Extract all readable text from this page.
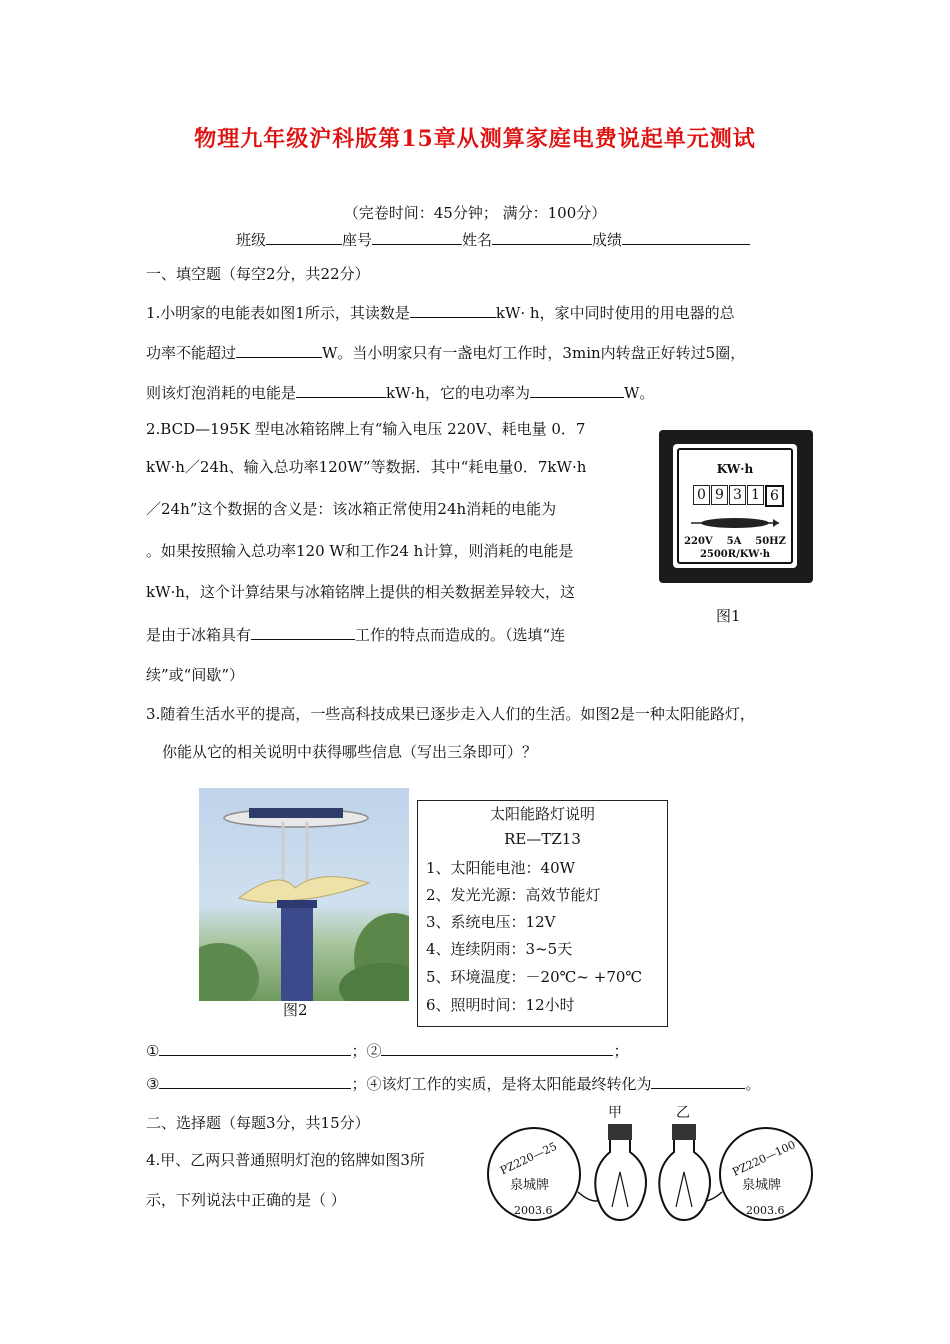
物理九年级沪科版第15章从测算家庭电费说起单元测试
（完卷时间：45分钟； 满分：100分）
班级	座号	姓名	成绩
一、填空题（每空2分，共22分）
1.小明家的电能表如图1所示，其读数是	kW· h，家中同时使用的用电器的总
功率不能超过	W。当小明家只有一盏电灯工作时，3min内转盘正好转过5圈，
则该灯泡消耗的电能是	kW·h，它的电功率为	W。
2.BCD—195K 型电冰箱铭牌上有“输入电压 220V、耗电量 0．7
kW·h／24h、输入总功率120W”等数据．其中“耗电量0．7kW·h
／24h”这个数据的含义是：该冰箱正常使用24h消耗的电能为
。如果按照输入总功率120 W和工作24 h计算，则消耗的电能是
kW·h，这个计算结果与冰箱铭牌上提供的相关数据差异较大，这
是由于冰箱具有	工作的特点而造成的。（选填“连
续”或“间歇”）
KW·h
0 9 3 1 6
220V    5A    50HZ
2500R/KW·h
图1
3.随着生活水平的提高，一些高科技成果已逐步走入人们的生活。如图2是一种太阳能路灯，
你能从它的相关说明中获得哪些信息（写出三条即可）？
图2
太阳能路灯说明
RE—TZ13
1、太阳能电池：40W
2、发光光源：高效节能灯
3、系统电压：12V
4、连续阴雨：3~5天
5、环境温度：－20℃~ +70℃
6、照明时间：12小时
①	；②	；
③	；④该灯工作的实质，是将太阳能最终转化为	。
二、选择题（每题3分，共15分）
4.甲、乙两只普通照明灯泡的铭牌如图3所
示，下列说法中正确的是（ ）
甲	乙
PZ220—25
泉城牌
2003.6
PZ220—100
泉城牌
2003.6
